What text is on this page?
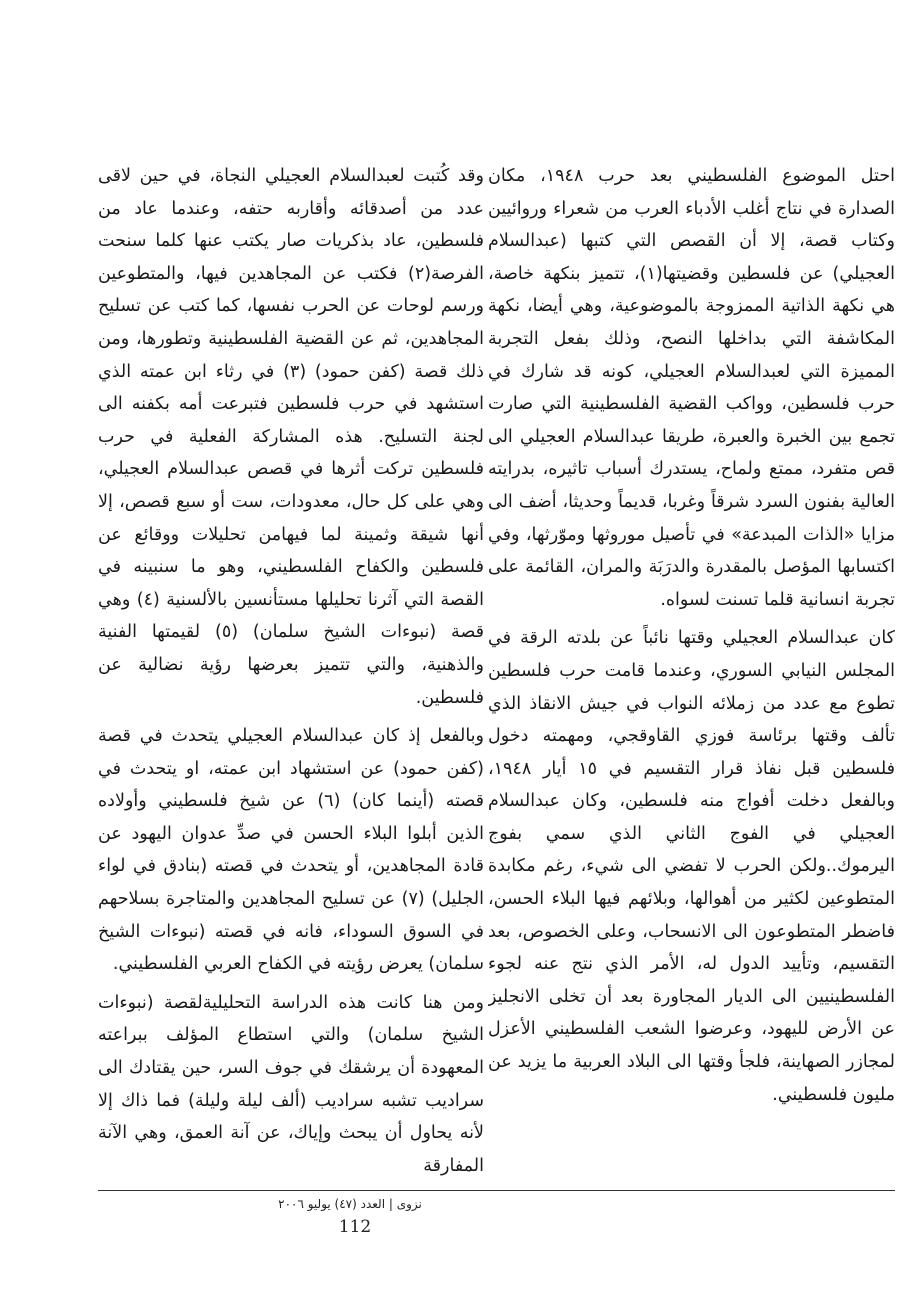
احتل الموضوع الفلسطيني بعد حرب ١٩٤٨، مكان الصدارة في نتاج أغلب الأدباء العرب من شعراء وروائيين وكتاب قصة، إلا أن القصص التي كتبها (عبدالسلام العجيلي) عن فلسطين وقضيتها(١)، تتميز بنكهة خاصة، هي نكهة الذاتية الممزوجة بالموضوعية، وهي أيضا، نكهة المكاشفة التي بداخلها النصح، وذلك بفعل التجربة المميزة التي لعبدالسلام العجيلي، كونه قد شارك في حرب فلسطين، وواكب القضية الفلسطينية التي صارت تجمع بين الخبرة والعبرة، طريقا عبدالسلام العجيلي الى قص متفرد، ممتع ولماح، يستدرك أسباب تاثيره، بدرايته العالية بفنون السرد شرقاً وغربا، قديماً وحديثا، أضف الى مزايا «الذات المبدعة» في تأصيل موروثها وموّرثها، وفي اكتسابها المؤصل بالمقدرة والدرَبَة والمران، القائمة على تجربة انسانية قلما تسنت لسواه.

كان عبدالسلام العجيلي وقتها نائباً عن بلدته الرقة في المجلس النيابي السوري، وعندما قامت حرب فلسطين تطوع مع عدد من زملائه النواب في جيش الانقاذ الذي تألف وقتها برئاسة فوزي القاوقجي، ومهمته دخول فلسطين قبل نفاذ قرار التقسيم في ١٥ أيار ١٩٤٨، وبالفعل دخلت أفواج منه فلسطين، وكان عبدالسلام العجيلي في الفوج الثاني الذي سمي بفوج اليرموك..ولكن الحرب لا تفضي الى شيء، رغم مكابدة المتطوعين لكثير من أهوالها، وبلائهم فيها البلاء الحسن، فاضطر المتطوعون الى الانسحاب، وعلى الخصوص، بعد التقسيم، وتأييد الدول له، الأمر الذي نتج عنه لجوء الفلسطينيين الى الديار المجاورة بعد أن تخلى الانجليز عن الأرض لليهود، وعرضوا الشعب الفلسطيني الأعزل لمجازر الصهاينة، فلجأ وقتها الى البلاد العربية ما يزيد عن مليون فلسطيني.

وقد كُتبت لعبدالسلام العجيلي النجاة، في حين لاقى عدد من أصدقائه وأقاربه حتفه، وعندما عاد من فلسطين، عاد بذكريات صار يكتب عنها كلما سنحت الفرصة(٢) فكتب عن المجاهدين فيها، والمتطوعين ورسم لوحات عن الحرب نفسها، كما كتب عن تسليح المجاهدين، ثم عن القضية الفلسطينية وتطورها، ومن ذلك قصة (كفن حمود) (٣) في رثاء ابن عمته الذي استشهد في حرب فلسطين فتبرعت أمه بكفنه الى لجنة التسليح. هذه المشاركة الفعلية في حرب فلسطين تركت أثرها في قصص عبدالسلام العجيلي، وهي على كل حال، معدودات، ست أو سبع قصص، إلا أنها شيقة وثمينة لما فيهامن تحليلات ووقائع عن فلسطين والكفاح الفلسطيني، وهو ما سنبينه في القصة التي آثرنا تحليلها مستأنسين بالألسنية (٤) وهي قصة (نبوءات الشيخ سلمان) (٥) لقيمتها الفنية والذهنية، والتي تتميز بعرضها رؤية نضالية عن فلسطين.

وبالفعل إذ كان عبدالسلام العجيلي يتحدث في قصة (كفن حمود) عن استشهاد ابن عمته، او يتحدث في قصته (أينما كان) (٦) عن شيخ فلسطيني وأولاده الذين أبلوا البلاء الحسن في صدِّ عدوان اليهود عن قادة المجاهدين، أو يتحدث في قصته (بنادق في لواء الجليل) (٧) عن تسليح المجاهدين والمتاجرة بسلاحهم في السوق السوداء، فانه في قصته (نبوءات الشيخ سلمان) يعرض رؤيته في الكفاح العربي الفلسطيني.

ومن هنا كانت هذه الدراسة التحليليةلقصة (نبوءات الشيخ سلمان) والتي استطاع المؤلف ببراعته المعهودة أن يرشقك في جوف السر، حين يقتادك الى سراديب تشبه سراديب (ألف ليلة وليلة) فما ذاك إلا لأنه يحاول أن يبحث وإياك، عن آنة العمق، وهي الآنة المفارقة

نزوى | العدد (٤٧) يوليو ٢٠٠٦
112
